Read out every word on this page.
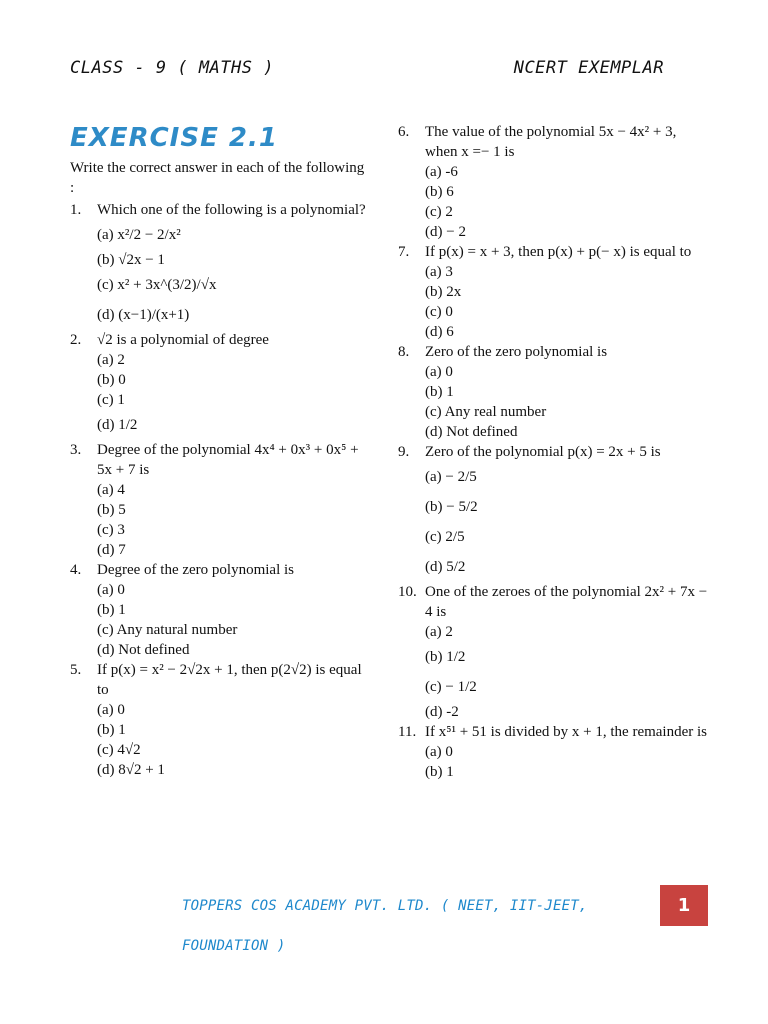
CLASS - 9 ( MATHS )	NCERT EXEMPLAR
EXERCISE 2.1
Write the correct answer in each of the following :
1.	Which one of the following is a polynomial?
(a) x²/2 − 2/x²
(b) √2x − 1
(c) x² + 3x^(3/2)/√x
(d) (x−1)/(x+1)
2.	√2 is a polynomial of degree
(a) 2
(b) 0
(c) 1
(d) 1/2
3.	Degree of the polynomial 4x⁴ + 0x³ + 0x⁵ + 5x + 7 is
(a) 4
(b) 5
(c) 3
(d) 7
4.	Degree of the zero polynomial is
(a) 0
(b) 1
(c) Any natural number
(d) Not defined
5.	If p(x) = x² − 2√2x + 1, then p(2√2) is equal to
(a) 0
(b) 1
(c) 4√2
(d) 8√2 + 1
6.	The value of the polynomial 5x − 4x² + 3, when x =− 1 is
(a) -6
(b) 6
(c) 2
(d) − 2
7.	If p(x) = x + 3, then p(x) + p(− x) is equal to
(a) 3
(b) 2x
(c) 0
(d) 6
8.	Zero of the zero polynomial is
(a) 0
(b) 1
(c) Any real number
(d) Not defined
9.	Zero of the polynomial p(x) = 2x + 5 is
(a) − 2/5
(b) − 5/2
(c) 2/5
(d) 5/2
10. One of the zeroes of the polynomial 2x² + 7x − 4 is
(a) 2
(b) 1/2
(c) − 1/2
(d) -2
11. If x⁵¹ + 51 is divided by x + 1, the remainder is
(a) 0
(b) 1
TOPPERS COS ACADEMY PVT. LTD. ( NEET, IIT-JEET, FOUNDATION )
1
